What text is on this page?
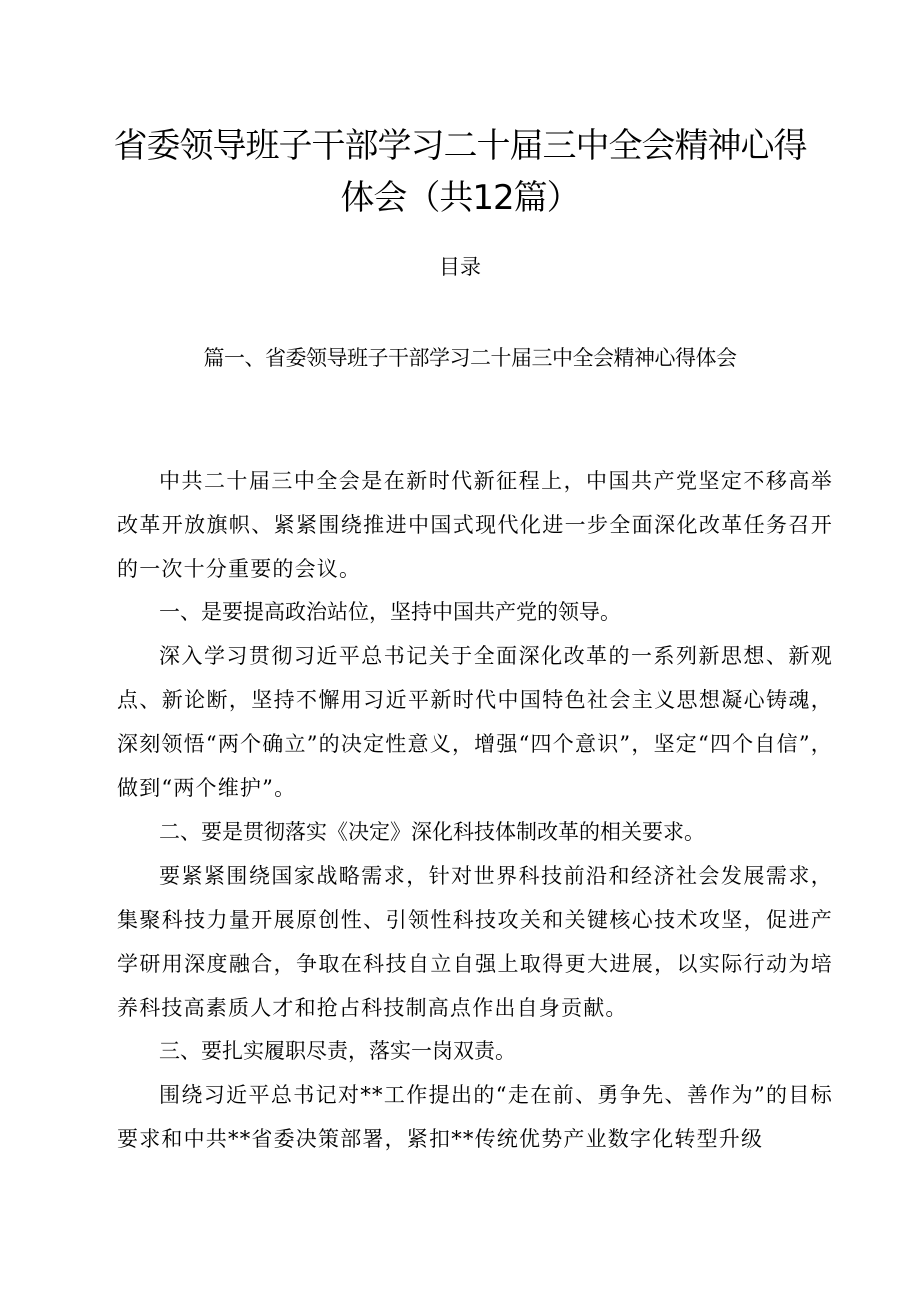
省委领导班子干部学习二十届三中全会精神心得体会（共12篇）
目录

篇一、省委领导班子干部学习二十届三中全会精神心得体会

中共二十届三中全会是在新时代新征程上，中国共产党坚定不移高举改革开放旗帜、紧紧围绕推进中国式现代化进一步全面深化改革任务召开的一次十分重要的会议。

一、是要提高政治站位，坚持中国共产党的领导。

深入学习贯彻习近平总书记关于全面深化改革的一系列新思想、新观点、新论断，坚持不懈用习近平新时代中国特色社会主义思想凝心铸魂，深刻领悟“两个确立”的决定性意义，增强“四个意识”，坚定“四个自信”，做到“两个维护”。

二、要是贯彻落实《决定》深化科技体制改革的相关要求。

要紧紧围绕国家战略需求，针对世界科技前沿和经济社会发展需求，集聚科技力量开展原创性、引领性科技攻关和关键核心技术攻坚，促进产学研用深度融合，争取在科技自立自强上取得更大进展，以实际行动为培养科技高素质人才和抢占科技制高点作出自身贡献。

三、要扎实履职尽责，落实一岗双责。

围绕习近平总书记对**工作提出的“走在前、勇争先、善作为”的目标要求和中共**省委决策部署，紧扣**传统优势产业数字化转型升级
